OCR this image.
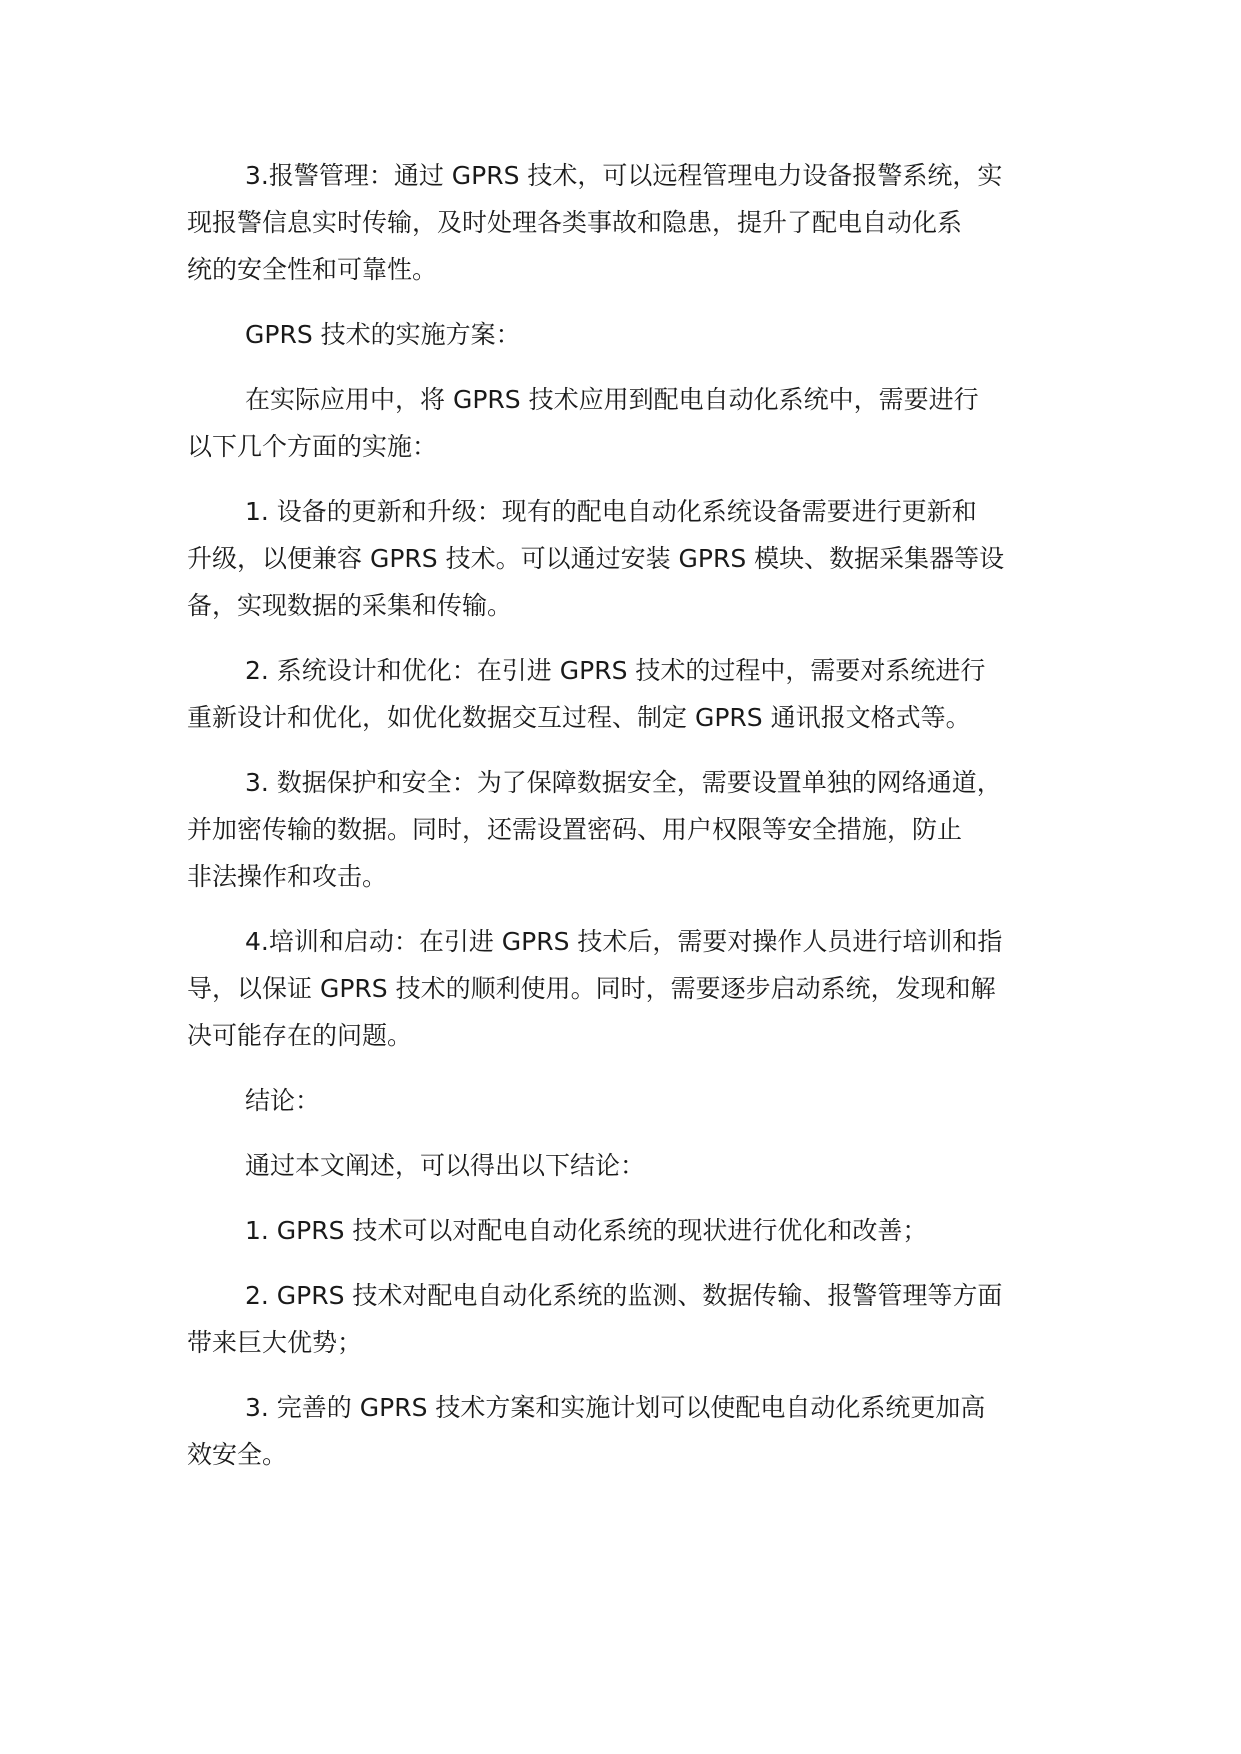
3.报警管理：通过 GPRS 技术，可以远程管理电力设备报警系统，实
现报警信息实时传输，及时处理各类事故和隐患，提升了配电自动化系
统的安全性和可靠性。
GPRS 技术的实施方案：
在实际应用中，将 GPRS 技术应用到配电自动化系统中，需要进行
以下几个方面的实施：
1. 设备的更新和升级：现有的配电自动化系统设备需要进行更新和
升级，以便兼容 GPRS 技术。可以通过安装 GPRS 模块、数据采集器等设
备，实现数据的采集和传输。
2. 系统设计和优化：在引进 GPRS 技术的过程中，需要对系统进行
重新设计和优化，如优化数据交互过程、制定 GPRS 通讯报文格式等。
3. 数据保护和安全：为了保障数据安全，需要设置单独的网络通道，
并加密传输的数据。同时，还需设置密码、用户权限等安全措施，防止
非法操作和攻击。
4.培训和启动：在引进 GPRS 技术后，需要对操作人员进行培训和指
导，以保证 GPRS 技术的顺利使用。同时，需要逐步启动系统，发现和解
决可能存在的问题。
结论：
通过本文阐述，可以得出以下结论：
1. GPRS 技术可以对配电自动化系统的现状进行优化和改善；
2. GPRS 技术对配电自动化系统的监测、数据传输、报警管理等方面
带来巨大优势；
3. 完善的 GPRS 技术方案和实施计划可以使配电自动化系统更加高
效安全。
